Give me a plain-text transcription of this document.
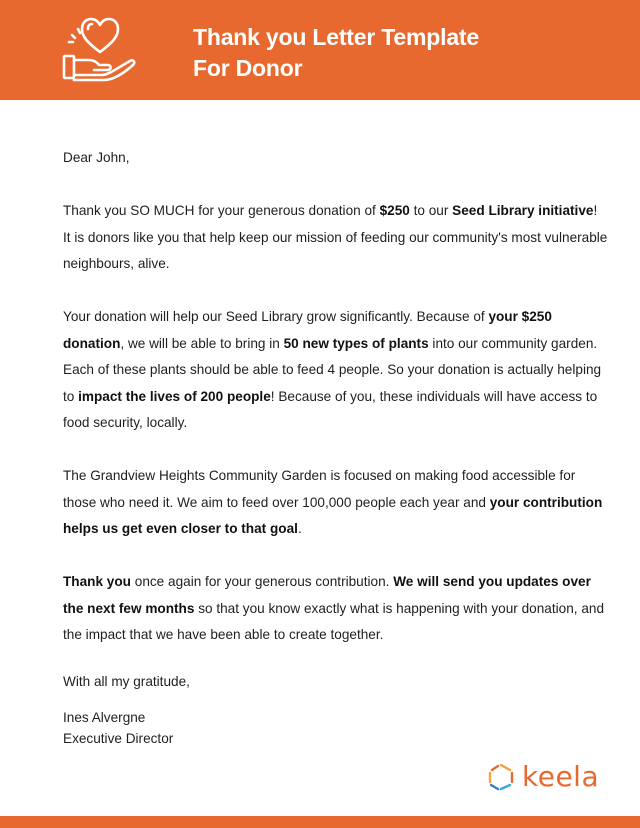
Thank you Letter Template
For Donor

Dear John,

Thank you SO MUCH for your generous donation of $250 to our Seed Library initiative! It is donors like you that help keep our mission of feeding our community's most vulnerable neighbours, alive.

Your donation will help our Seed Library grow significantly. Because of your $250 donation, we will be able to bring in 50 new types of plants into our community garden. Each of these plants should be able to feed 4 people. So your donation is actually helping to impact the lives of 200 people! Because of you, these individuals will have access to food security, locally.

The Grandview Heights Community Garden is focused on making food accessible for those who need it. We aim to feed over 100,000 people each year and your contribution helps us get even closer to that goal.

Thank you once again for your generous contribution. We will send you updates over the next few months so that you know exactly what is happening with your donation, and the impact that we have been able to create together.

With all my gratitude,

Ines Alvergne

Executive Director

keela
